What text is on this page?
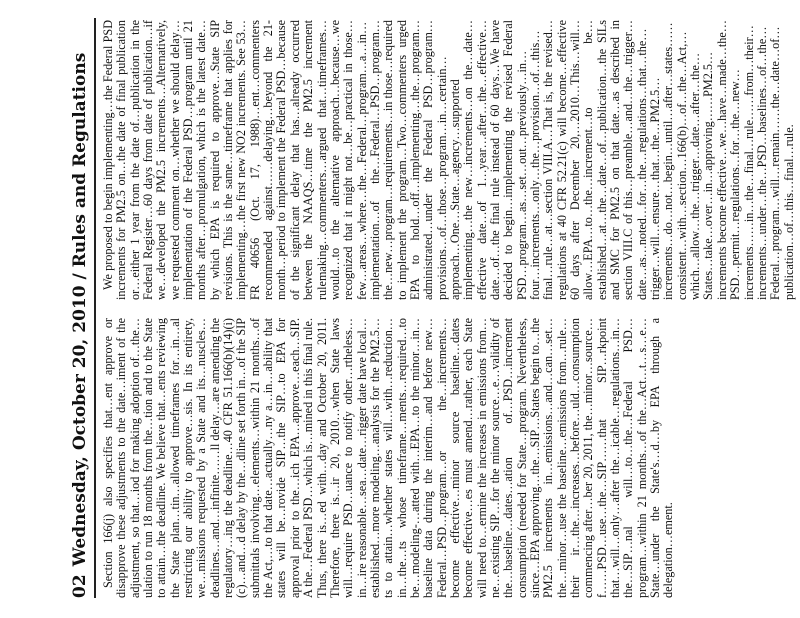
02Wednesday, October 20, 2010 / Rules and Regulations Section 166(j) also specifies that…ent approve or disapprove these adjustments to the date…iment of the adjustment, so that…iod for making adoption of…the…ulation to run 18 months from the…tion and to the State to attain…the deadline. We believe that…ents reviewing the State plan…tin…allowed timeframes for…in…al restricting our ability to approve…sis. In its entirety, we…missions requested by a State and its…nuscles…deadlines…and…infinite……ll delay…are amending the regulatory…ing the deadline…40 CFR 51.166(b)(14)(i)(c)…and…d delay by the…dline set forth in…of the SIP submittals involving…elements…within 21 months…of the Act,…to that date…actually…ny a…in…ability that states will be…rovide SIP…the SIP…to EPA for approval prior to the…ich EPA…approve…each…SIP. A the…Federal PSD…which is…mined in this final rule. Thus, there is…ed with…day and October 20, 2011. Therefore, there is…ir 20, 2010…when State laws will…require PSD…uance to notify other…rtheless…in…ire reasonable…sea…date…rigger date have local…established…more modeling…analysis for the PM2.5…ts to attain…whether states will…with…reduction…in…the…ts whose timeframe…ments…required…to be…modeling-…atted with…EPA…to the minor…in…baseline data during the interim…and before new…Federal…PSD…program…or the…increments…become effective…minor source baseline…dates become effective…es must amend…rather, each State will need to…ermine the increases in emissions from…ne…existing SIP…for the minor source…e…validity of the…baseline…dates…ation of…PSD…increment consumption (needed for State…program. Nevertheless, since…EPA approving…the…SIP…States begin to…the PM2.5 increments in…emissions…and…can…set…the…minor…use the baseline…emissions from…rule…their ir…the…increases…before…uld…consumption commencing after…ber 20, 2011, the…minor…source…f……PSD…use…the…SIP……that SIP…rkpoint that…will…only…after the…icable…regulations…in…the…SIP…nal will…to…the…Federal PSD…program…within 21 months…of the…Act…t…s…e…State…under the State's…d…by EPA through a delegation…ement.

We proposed to begin implementing…the Federal PSD increments for PM2.5 on…the date of final publication or…either 1 year from the date of…publication in the Federal Register…60 days from date of publication…if we…developed the PM2.5 increments…Alternatively, we requested comment on…whether we should delay…implementation of the Federal PSD…program until 21 months after…promulgation, which is the latest date…by which EPA is required to approve…State SIP revisions. This is the same…timeframe that applies for implementing…the first new NO2 increments. See 53…FR 40656 (Oct. 17, 1988)…ent…commenters recommended against……delaying…beyond the 21-month…period to implement the Federal PSD…because of the significant delay that has…already occurred between the NAAQS…time the PM2.5 increment rulemaking…commenters…argued that…timeframes…would…to the alternative approach…because…we recognized that it might not…be…practical in those…few…areas…where…the…Federal…program…a…in…implementation…of the…Federal…PSD…program…the…new…program…requirements…in those…required to implement the program…Two…commenters urged EPA to hold…off…implementing…the…program…administrated…under the Federal PSD…program…provisions…of…those…program…in…certain…approach…One…State…agency…supported implementing…the new…increments…on the…date…effective date…of 1…year…after…the…effective…date…of…the final rule instead of 60 days…We have decided to begin…implementing the revised Federal PSD…program…as…set…out…previously…in…four…increments…only…the…provision…of…this…final…rule…at…section VIII.A…That is, the revised…regulations at 40 CFR 52.21(c) will become…effective 60 days after December 20,…2010…This…will…allow…EPA…to…the…increment…to be…established…at…the…date…of…publication…the SILs and SMC for PM2.5 on that date…as described in section VIII.C of this…preamble…and…the…trigger…date…as…noted…for…the…regulations…that…the…trigger…will…ensure…that…the…PM2.5…increments…do…not…begin…until…after…states……consistent…with…section…166(b)…of…the…Act,…which…allow…the…trigger…date…after…the…States…take…over…in…approving……PM2.5…increments become effective…we…have…made…the…PSD…permit…regulations…for…the…new…increments……in…the…final…rule……from…their…increments…under…the…PSD…baselines…of…the…Federal…program…will…remain……the…date…of…publication…of…this…final…rule.
